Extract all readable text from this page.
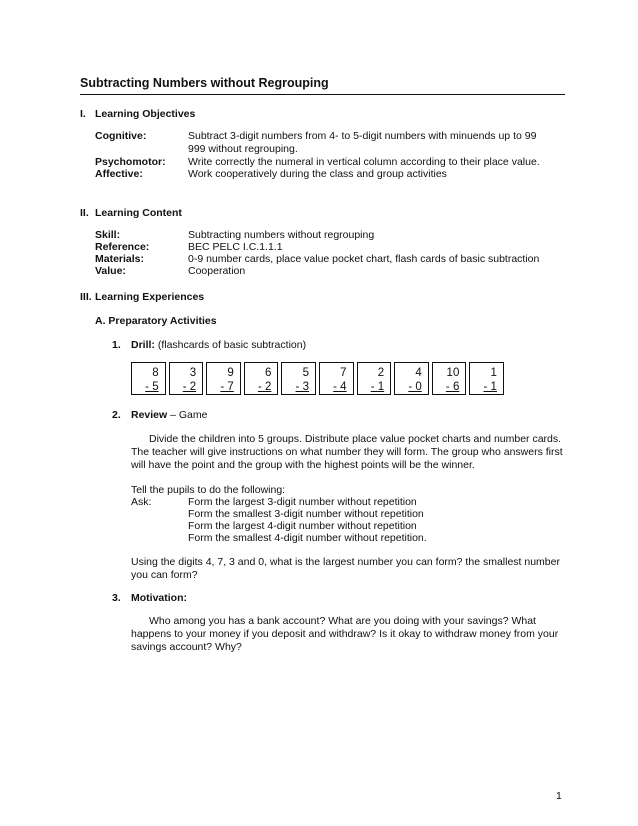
Subtracting Numbers without Regrouping
I. Learning Objectives
Cognitive:	Subtract 3-digit numbers from 4- to 5-digit numbers with minuends up to 99
999 without regrouping.
Psychomotor: Write correctly the numeral in vertical column according to their place value.
Affective:	Work cooperatively during the class and group activities
II. Learning Content
Skill:	Subtracting numbers without regrouping
Reference:	BEC PELC I.C.1.1.1
Materials:	0-9 number cards, place value pocket chart, flash cards of basic subtraction
Value:	Cooperation
III. Learning Experiences
A. Preparatory Activities
1. Drill: (flashcards of basic subtraction)
8
- 5
3
- 2
9
- 7
6
- 2
5
- 3
7
- 4
2
- 1
4
- 0
10
- 6
1
- 1
2. Review – Game
Divide the children into 5 groups. Distribute place value pocket charts and number cards. The teacher will give instructions on what number they will form. The group who answers first will have the point and the group with the highest points will be the winner.
Tell the pupils to do the following:
Ask:	Form the largest 3-digit number without repetition
Form the smallest 3-digit number without repetition
Form the largest 4-digit number without repetition
Form the smallest 4-digit number without repetition.
Using the digits 4, 7, 3 and 0, what is the largest number you can form? the smallest number you can form?
3. Motivation:
Who among you has a bank account? What are you doing with your savings? What happens to your money if you deposit and withdraw? Is it okay to withdraw money from your savings account? Why?
1
